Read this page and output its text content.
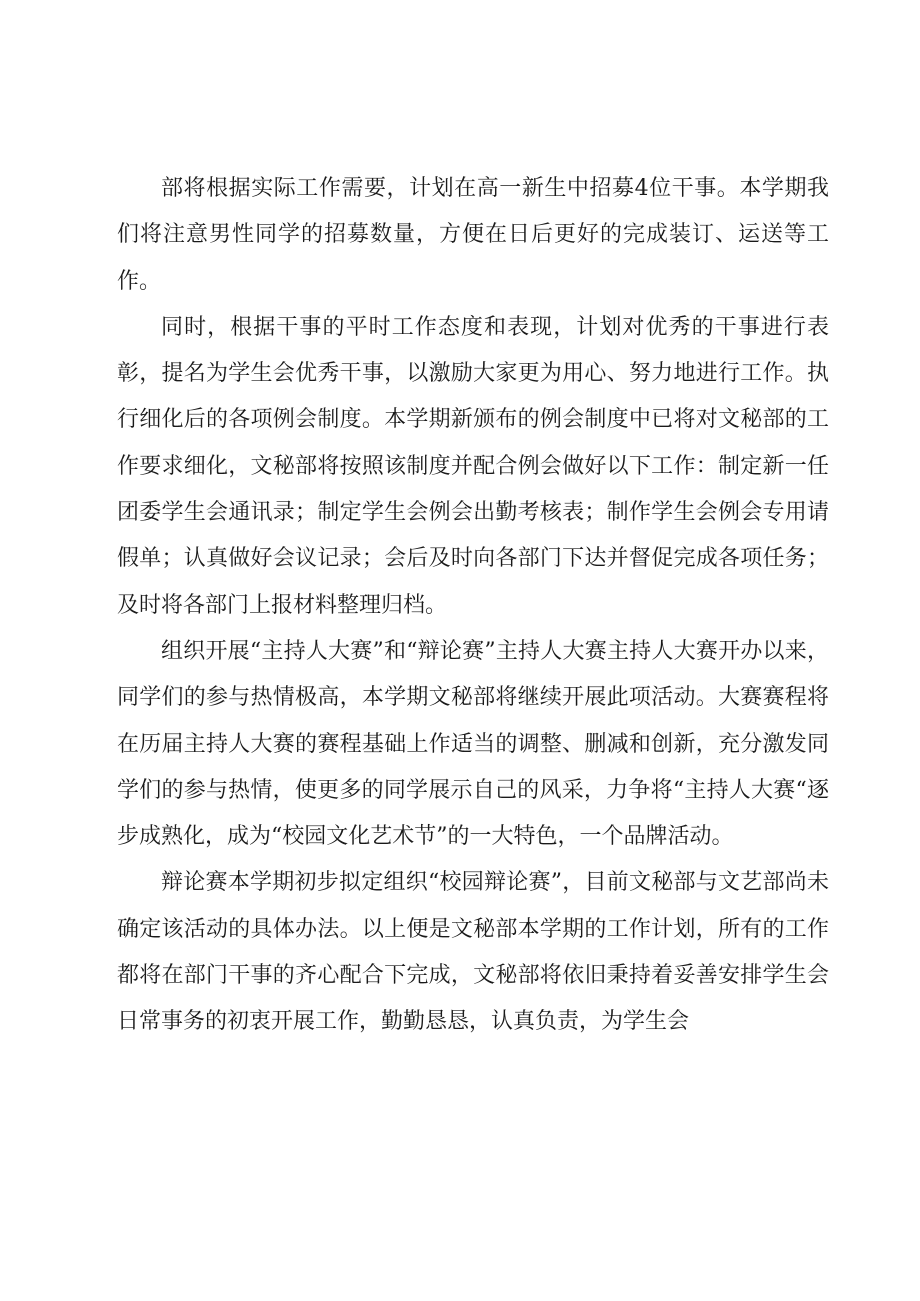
部将根据实际工作需要，计划在高一新生中招募4位干事。本学期我们将注意男性同学的招募数量，方便在日后更好的完成装订、运送等工作。

同时，根据干事的平时工作态度和表现，计划对优秀的干事进行表彰，提名为学生会优秀干事，以激励大家更为用心、努力地进行工作。执行细化后的各项例会制度。本学期新颁布的例会制度中已将对文秘部的工作要求细化，文秘部将按照该制度并配合例会做好以下工作：制定新一任团委学生会通讯录；制定学生会例会出勤考核表；制作学生会例会专用请假单；认真做好会议记录；会后及时向各部门下达并督促完成各项任务；及时将各部门上报材料整理归档。

组织开展“主持人大赛”和“辩论赛”主持人大赛主持人大赛开办以来，同学们的参与热情极高，本学期文秘部将继续开展此项活动。大赛赛程将在历届主持人大赛的赛程基础上作适当的调整、删减和创新，充分激发同学们的参与热情，使更多的同学展示自己的风采，力争将“主持人大赛“逐步成熟化，成为“校园文化艺术节”的一大特色，一个品牌活动。

辩论赛本学期初步拟定组织“校园辩论赛”，目前文秘部与文艺部尚未确定该活动的具体办法。以上便是文秘部本学期的工作计划，所有的工作都将在部门干事的齐心配合下完成，文秘部将依旧秉持着妥善安排学生会日常事务的初衷开展工作，勤勤恳恳，认真负责，为学生会
